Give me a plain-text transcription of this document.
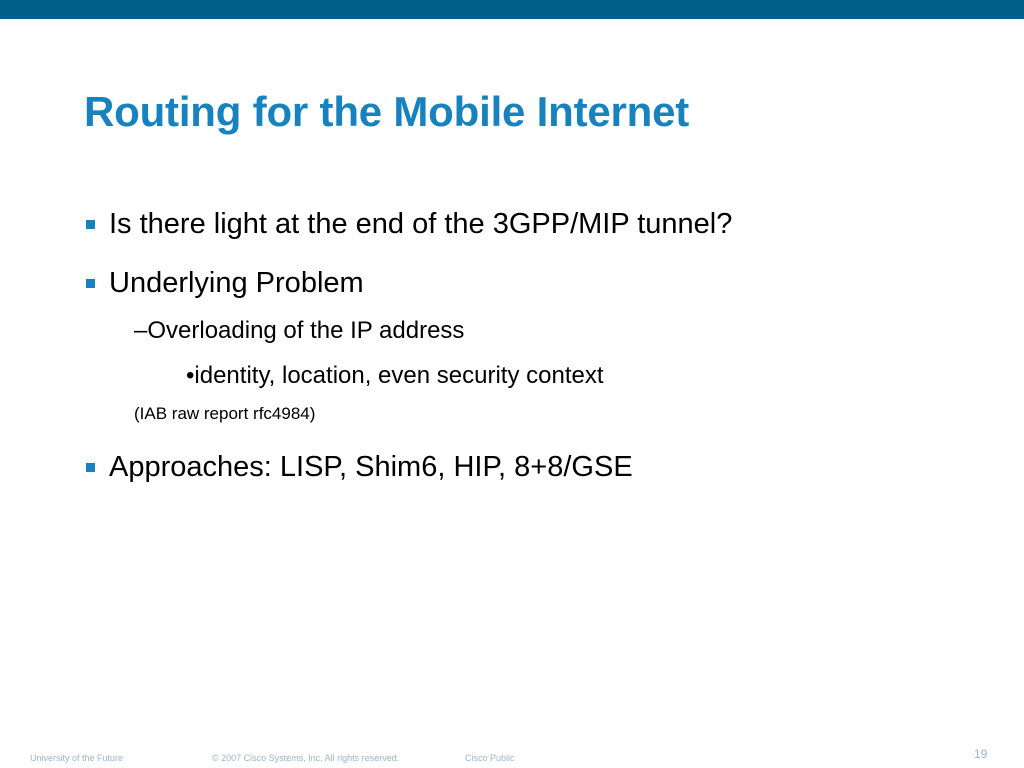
Routing for the Mobile Internet
Is there light at the end of the 3GPP/MIP tunnel?
Underlying Problem
–Overloading of the IP address
•identity, location, even security context
(IAB raw report rfc4984)
Approaches: LISP, Shim6, HIP, 8+8/GSE
University of the Future	© 2007 Cisco Systems, Inc. All rights reserved.	Cisco Public	19
